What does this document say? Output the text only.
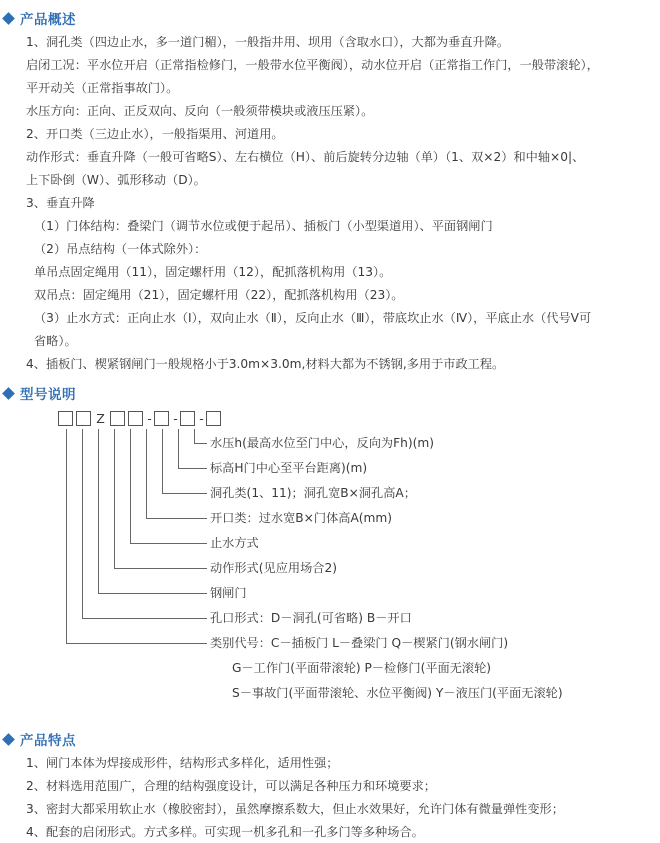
产品概述

1、洞孔类（四边止水，多一道门楣），一般指井用、坝用（含取水口），大都为垂直升降。

启闭工况：平水位开启（正常指检修门，一般带水位平衡阀），动水位开启（正常指工作门，一般带滚轮），

平开动关（正常指事故门）。

水压方向：正向、正反双向、反向（一般须带模块或液压压紧）。

2、开口类（三边止水），一般指渠用、河道用。

动作形式：垂直升降（一般可省略S）、左右横位（H）、前后旋转分边轴（单）（1、双×2）和中轴×0|、

上下卧倒（W）、弧形移动（D）。

3、垂直升降

（1）门体结构：叠梁门（调节水位或便于起吊）、插板门（小型渠道用）、平面钢闸门

（2）吊点结构（一体式除外）：

单吊点固定绳用（11），固定螺杆用（12），配抓落机构用（13）。

双吊点：固定绳用（21），固定螺杆用（22），配抓落机构用（23）。

（3）止水方式：正向止水（Ⅰ），双向止水（Ⅱ），反向止水（Ⅲ），带底坎止水（Ⅳ），平底止水（代号Ⅴ可

省略）。

4、插板门、楔紧钢闸门一般规格小于3.0m×3.0m,材料大都为不锈钢,多用于市政工程。

型号说明
Z	- - -
水压h(最高水位至门中心，反向为Fh)(m)
标高H门中心至平台距离)(m)
洞孔类(1、11)；洞孔宽B×洞孔高A；
开口类：过水宽B×门体高A(mm)
止水方式
动作形式(见应用场合2)
钢闸门
孔口形式：D－洞孔(可省略) B－开口
类别代号：C－插板门 L－叠梁门 Q－楔紧门(钢水闸门)
G－工作门(平面带滚轮) P－检修门(平面无滚轮)
S－事故门(平面带滚轮、水位平衡阀) Y－液压门(平面无滚轮)
产品特点

1、闸门本体为焊接成形件，结构形式多样化，适用性强；

2、材料选用范围广，合理的结构强度设计，可以满足各种压力和环境要求；

3、密封大都采用软止水（橡胶密封），虽然摩擦系数大，但止水效果好，允许门体有微量弹性变形；

4、配套的启闭形式。方式多样。可实现一机多孔和一孔多门等多种场合。
